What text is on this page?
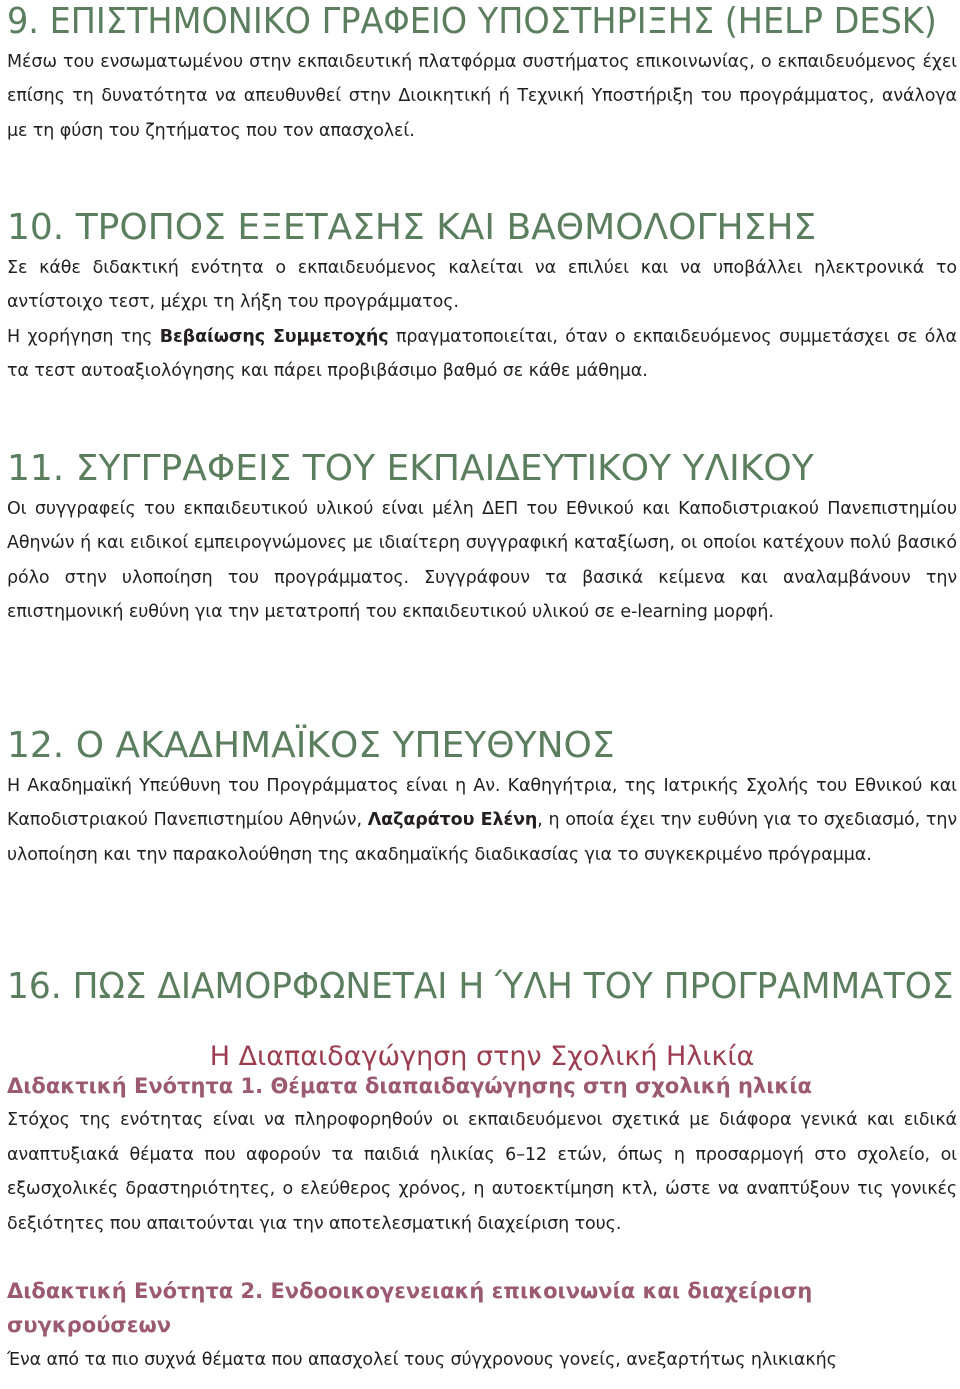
9. ΕΠΙΣΤΗΜΟΝΙΚΟ ΓΡΑΦΕΙΟ ΥΠΟΣΤΗΡΙΞΗΣ (HELP DESK)

Μέσω του ενσωματωμένου στην εκπαιδευτική πλατφόρμα συστήματος επικοινωνίας, ο εκπαιδευόμενος έχει επίσης τη δυνατότητα να απευθυνθεί στην Διοικητική ή Τεχνική Υποστήριξη του προγράμματος, ανάλογα με τη φύση του ζητήματος που τον απασχολεί.

10. ΤΡΟΠΟΣ ΕΞΕΤΑΣΗΣ ΚΑΙ ΒΑΘΜΟΛΟΓΗΣΗΣ

Σε κάθε διδακτική ενότητα ο εκπαιδευόμενος καλείται να επιλύει και να υποβάλλει ηλεκτρονικά το αντίστοιχο τεστ, μέχρι τη λήξη του προγράμματος.

Η χορήγηση της Βεβαίωσης Συμμετοχής πραγματοποιείται, όταν ο εκπαιδευόμενος συμμετάσχει σε όλα τα τεστ αυτοαξιολόγησης και πάρει προβιβάσιμο βαθμό σε κάθε μάθημα.

11. ΣΥΓΓΡΑΦΕΙΣ ΤΟΥ ΕΚΠΑΙΔΕΥΤΙΚΟΥ ΥΛΙΚΟΥ

Οι συγγραφείς του εκπαιδευτικού υλικού είναι μέλη ΔΕΠ του Εθνικού και Καποδιστριακού Πανεπιστημίου Αθηνών ή και ειδικοί εμπειρογνώμονες με ιδιαίτερη συγγραφική καταξίωση, οι οποίοι κατέχουν πολύ βασικό ρόλο στην υλοποίηση του προγράμματος. Συγγράφουν τα βασικά κείμενα και αναλαμβάνουν την επιστημονική ευθύνη για την μετατροπή του εκπαιδευτικού υλικού σε e-learning μορφή.

12. Ο ΑΚΑΔΗΜΑΪΚΟΣ ΥΠΕΥΘΥΝΟΣ

Η Ακαδημαϊκή Υπεύθυνη του Προγράμματος είναι η Αν. Καθηγήτρια, της Ιατρικής Σχολής του Εθνικού και Καποδιστριακού Πανεπιστημίου Αθηνών, Λαζαράτου Ελένη, η οποία έχει την ευθύνη για το σχεδιασμό, την υλοποίηση και την παρακολούθηση της ακαδημαϊκής διαδικασίας για το συγκεκριμένο πρόγραμμα.

16. ΠΩΣ ΔΙΑΜΟΡΦΩΝΕΤΑΙ Η ΎΛΗ ΤΟΥ ΠΡΟΓΡΑΜΜΑΤΟΣ

Η Διαπαιδαγώγηση στην Σχολική Ηλικία

Διδακτική Ενότητα 1. Θέματα διαπαιδαγώγησης στη σχολική ηλικία

Στόχος της ενότητας είναι να πληροφορηθούν οι εκπαιδευόμενοι σχετικά με διάφορα γενικά και ειδικά αναπτυξιακά θέματα που αφορούν τα παιδιά ηλικίας 6–12 ετών, όπως η προσαρμογή στο σχολείο, οι εξωσχολικές δραστηριότητες, ο ελεύθερος χρόνος, η αυτοεκτίμηση κτλ, ώστε να αναπτύξουν τις γονικές δεξιότητες που απαιτούνται για την αποτελεσματική διαχείριση τους.

Διδακτική Ενότητα 2. Ενδοοικογενειακή επικοινωνία και διαχείριση συγκρούσεων

Ένα από τα πιο συχνά θέματα που απασχολεί τους σύγχρονους γονείς, ανεξαρτήτως ηλικιακής
